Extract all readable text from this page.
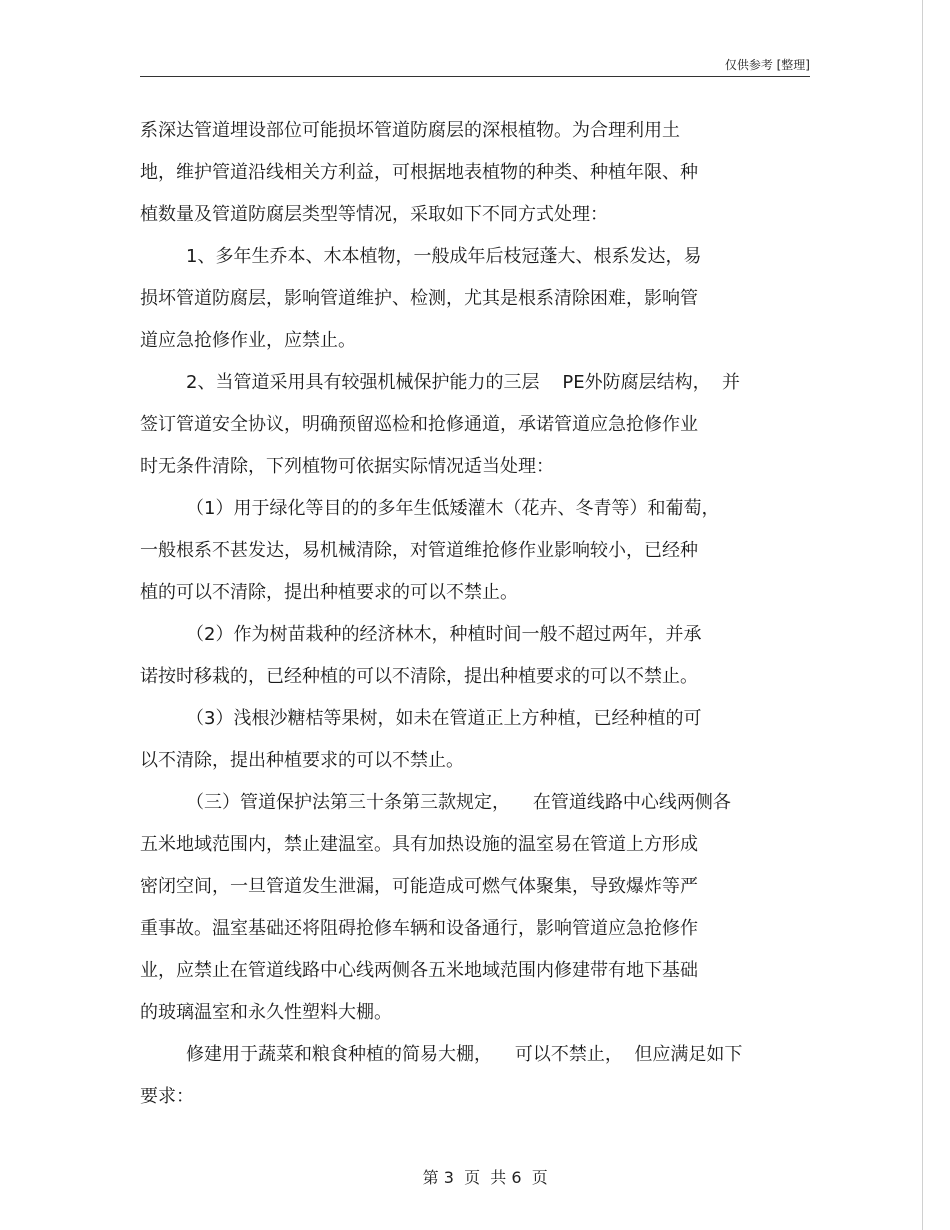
仅供参考 [整理]
系深达管道埋设部位可能损坏管道防腐层的深根植物。为合理利用土
地，维护管道沿线相关方利益，可根据地表植物的种类、种植年限、种
植数量及管道防腐层类型等情况，采取如下不同方式处理：
1、多年生乔本、木本植物，一般成年后枝冠蓬大、根系发达，易
损坏管道防腐层，影响管道维护、检测，尤其是根系清除困难，影响管
道应急抢修作业，应禁止。
2、当管道采用具有较强机械保护能力的三层    PE外防腐层结构，  并
签订管道安全协议，明确预留巡检和抢修通道，承诺管道应急抢修作业
时无条件清除，下列植物可依据实际情况适当处理：
（1）用于绿化等目的的多年生低矮灌木（花卉、冬青等）和葡萄，
一般根系不甚发达，易机械清除，对管道维抢修作业影响较小，已经种
植的可以不清除，提出种植要求的可以不禁止。
（2）作为树苗栽种的经济林木，种植时间一般不超过两年，并承
诺按时移栽的，已经种植的可以不清除，提出种植要求的可以不禁止。
（3）浅根沙糖桔等果树，如未在管道正上方种植，已经种植的可
以不清除，提出种植要求的可以不禁止。
（三）管道保护法第三十条第三款规定，    在管道线路中心线两侧各
五米地域范围内，禁止建温室。具有加热设施的温室易在管道上方形成
密闭空间，一旦管道发生泄漏，可能造成可燃气体聚集，导致爆炸等严
重事故。温室基础还将阻碍抢修车辆和设备通行，影响管道应急抢修作
业，应禁止在管道线路中心线两侧各五米地域范围内修建带有地下基础
的玻璃温室和永久性塑料大棚。
修建用于蔬菜和粮食种植的简易大棚，    可以不禁止，  但应满足如下
要求：

第 3  页  共 6  页
